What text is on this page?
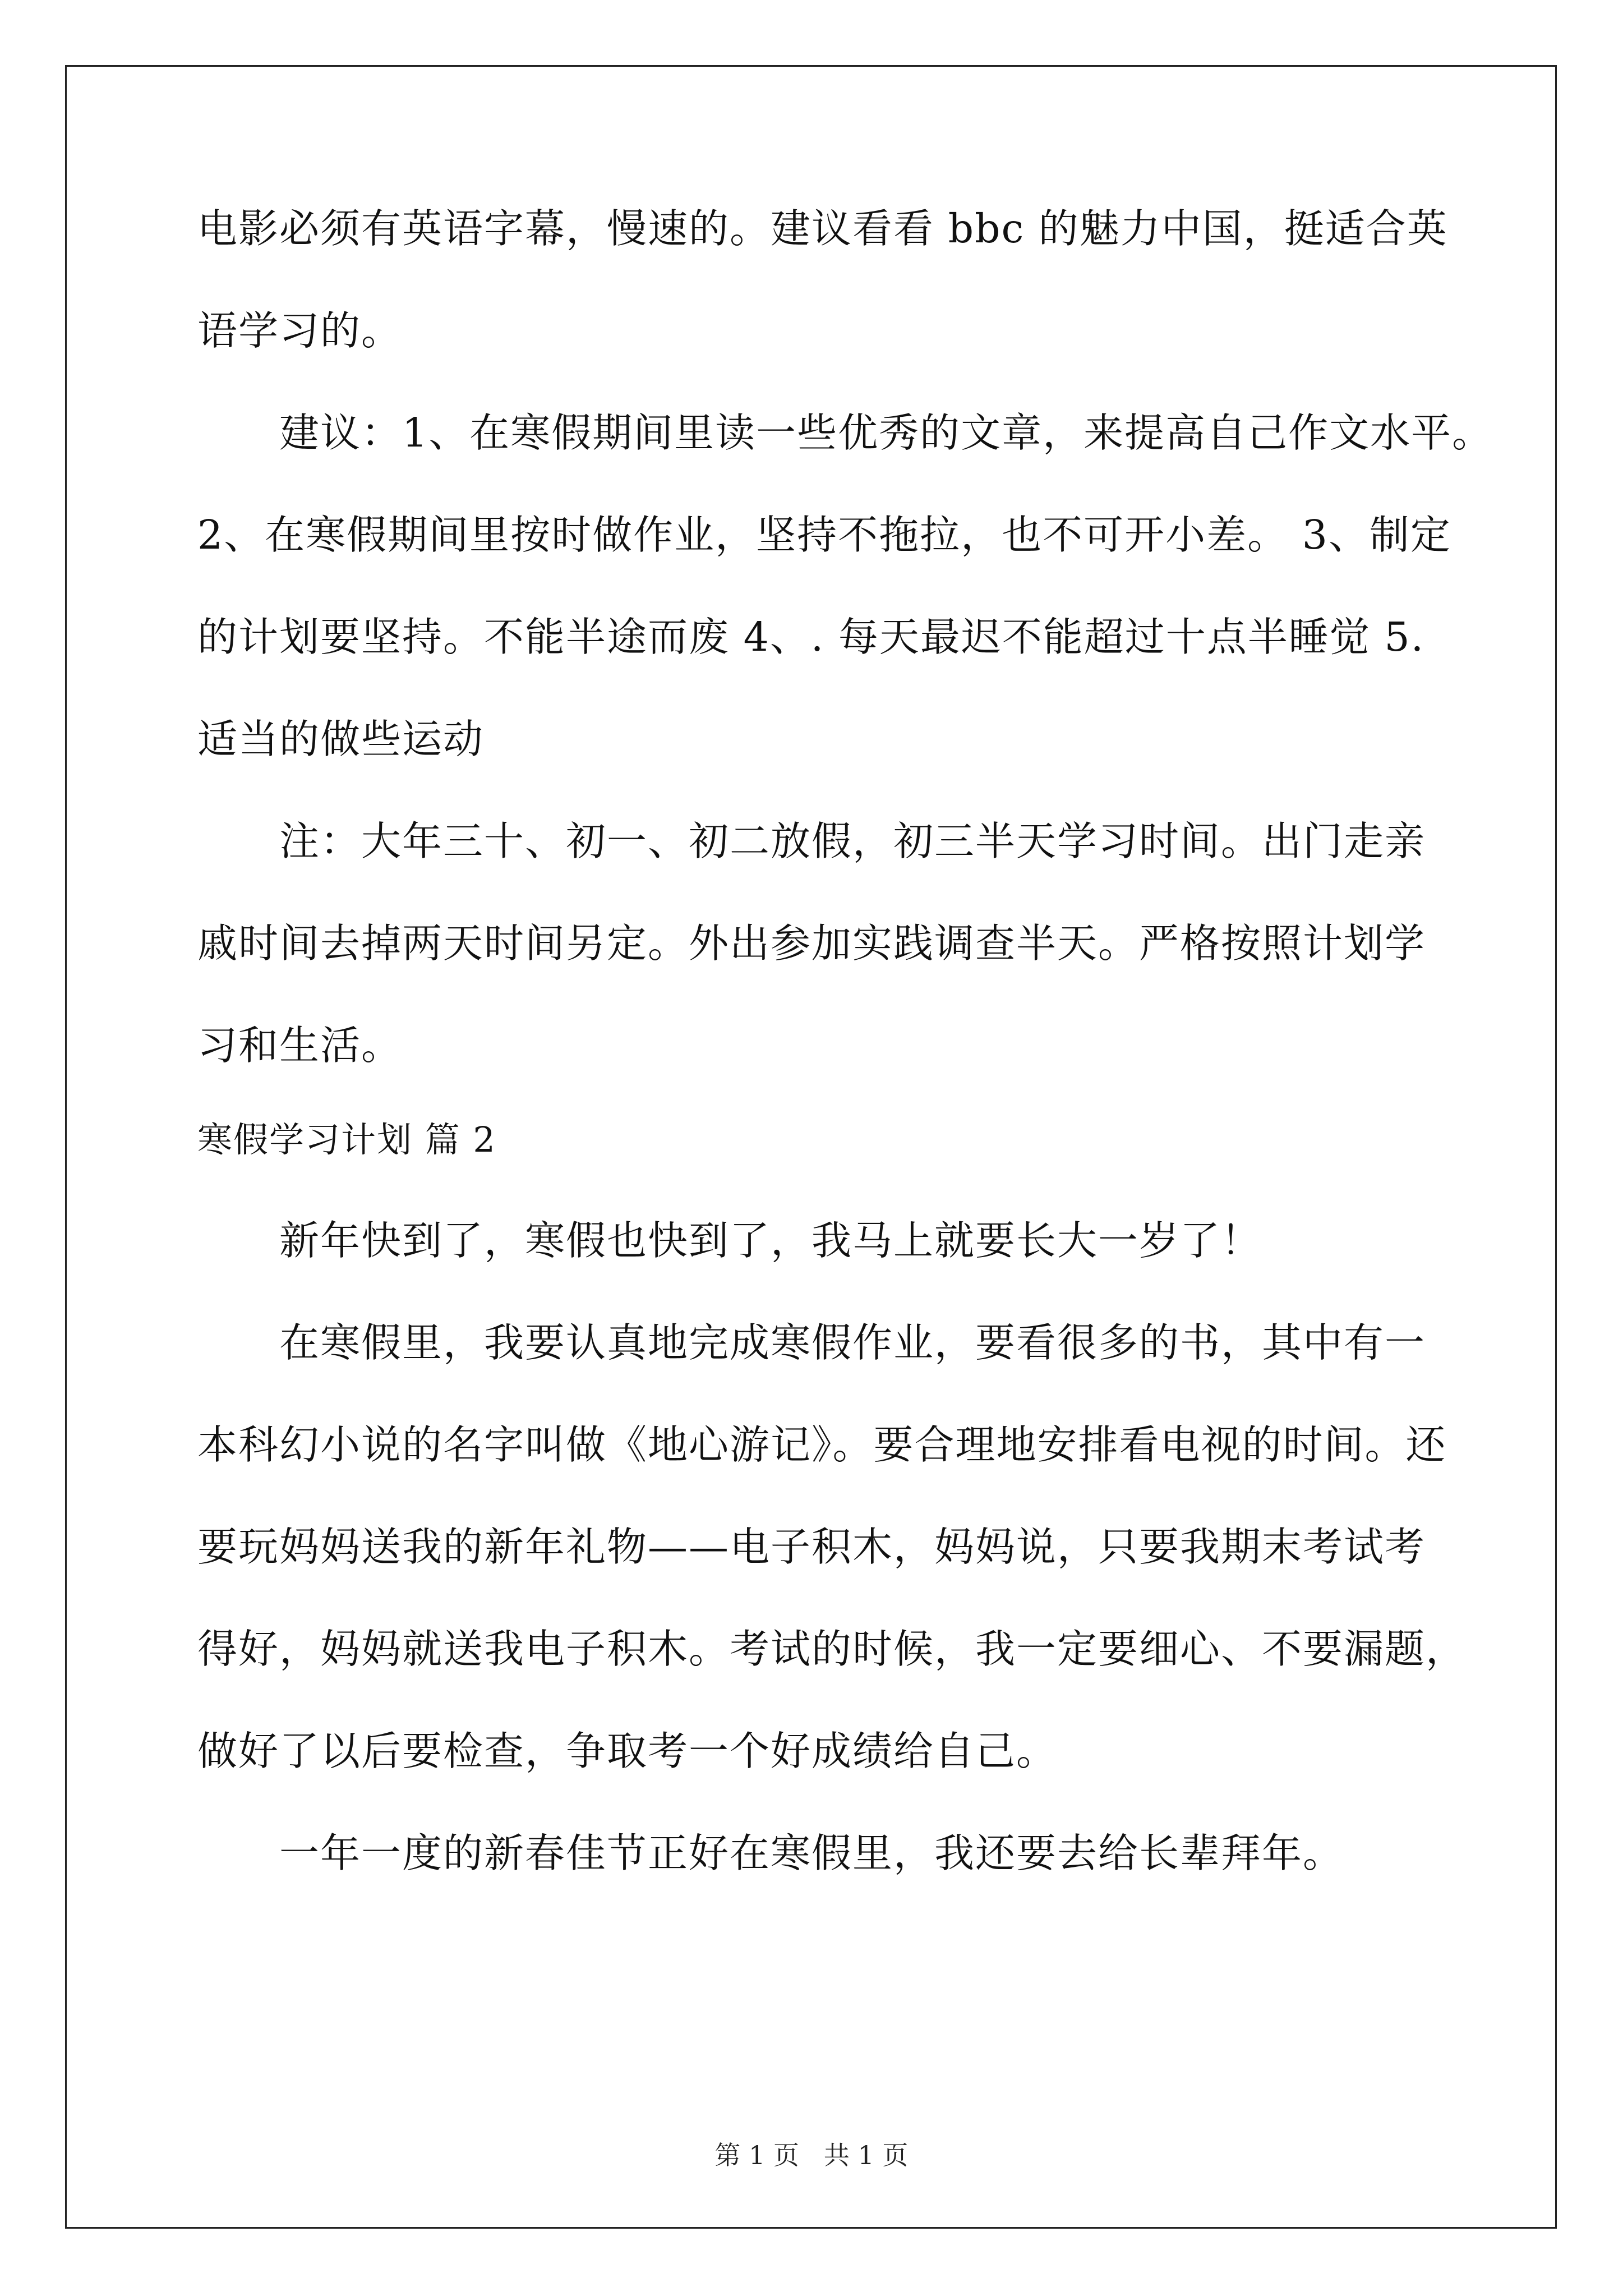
电影必须有英语字幕，慢速的。建议看看 bbc 的魅力中国，挺适合英
语学习的。
建议：1、在寒假期间里读一些优秀的文章，来提高自己作文水平。
2、在寒假期间里按时做作业，坚持不拖拉，也不可开小差。 3、制定
的计划要坚持。不能半途而废 4、. 每天最迟不能超过十点半睡觉 5.
适当的做些运动
注：大年三十、初一、初二放假，初三半天学习时间。出门走亲
戚时间去掉两天时间另定。外出参加实践调查半天。严格按照计划学
习和生活。
寒假学习计划 篇 2
新年快到了，寒假也快到了，我马上就要长大一岁了！
在寒假里，我要认真地完成寒假作业，要看很多的书，其中有一
本科幻小说的名字叫做《地心游记》。要合理地安排看电视的时间。还
要玩妈妈送我的新年礼物——电子积木，妈妈说，只要我期末考试考
得好，妈妈就送我电子积木。考试的时候，我一定要细心、不要漏题，
做好了以后要检查，争取考一个好成绩给自己。
一年一度的新春佳节正好在寒假里，我还要去给长辈拜年。
第 1 页   共 1 页
